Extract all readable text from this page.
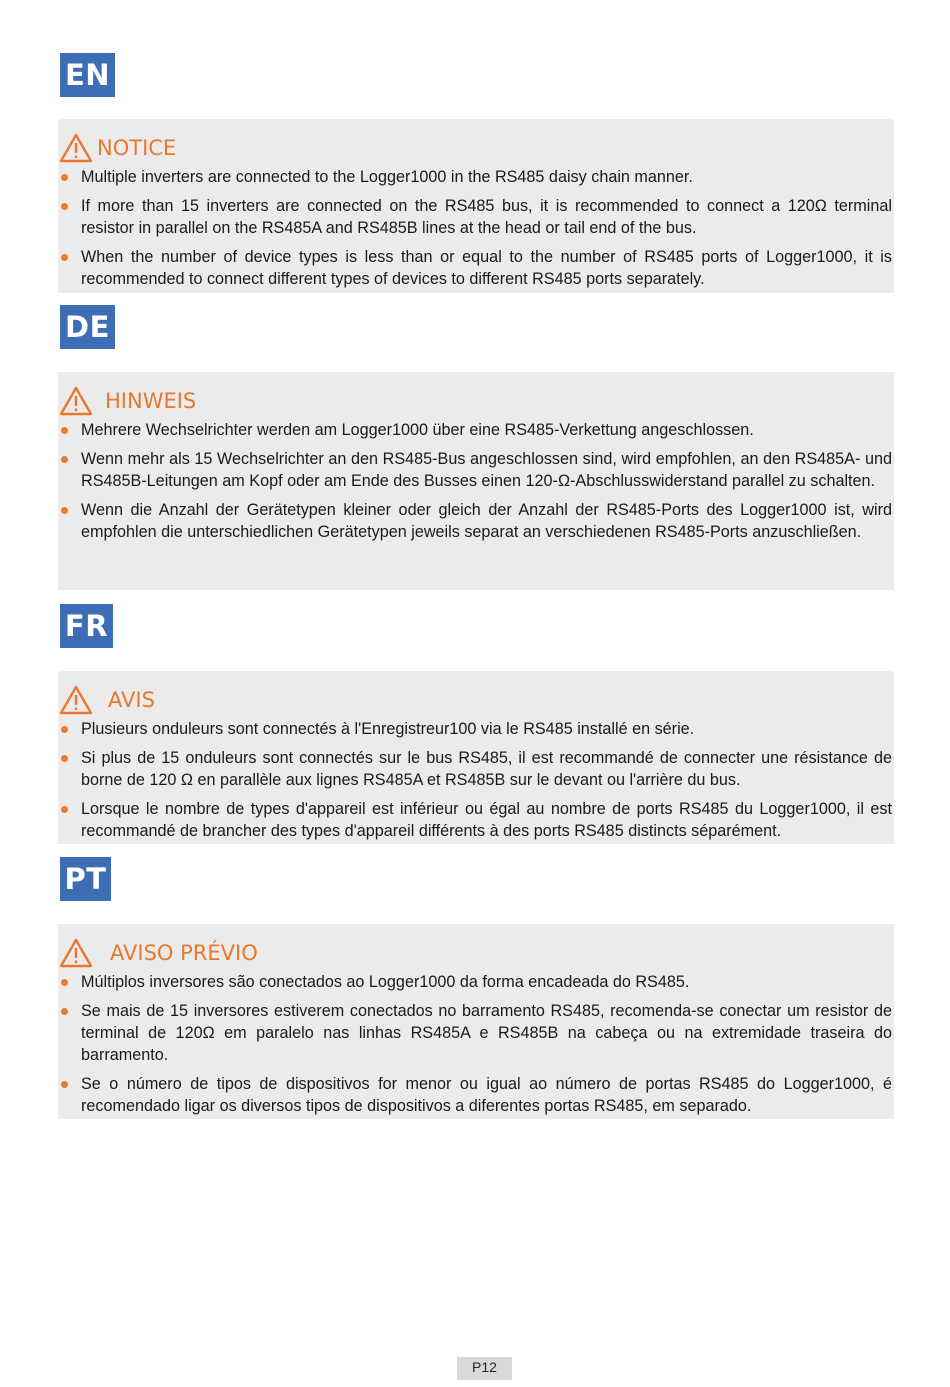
EN
NOTICE
Multiple inverters are connected to the Logger1000 in the RS485 daisy chain manner.
If more than 15 inverters are connected on the RS485 bus, it is recommended to connect a 120Ω terminal resistor in parallel on the RS485A and RS485B lines at the head or tail end of the bus.
When the number of device types is less than or equal to the number of RS485 ports of Logger1000, it is recommended to connect different types of devices to different RS485 ports separately.
DE
HINWEIS
Mehrere Wechselrichter werden am Logger1000 über eine RS485-Verkettung angeschlossen.
Wenn mehr als 15 Wechselrichter an den RS485-Bus angeschlossen sind, wird empfohlen, an den RS485A- und RS485B-Leitungen am Kopf oder am Ende des Busses einen 120-Ω-Abschlusswiderstand parallel zu schalten.
Wenn die Anzahl der Gerätetypen kleiner oder gleich der Anzahl der RS485-Ports des Logger1000 ist, wird empfohlen die unterschiedlichen Gerätetypen jeweils separat an verschiedenen RS485-Ports anzuschließen.
FR
AVIS
Plusieurs onduleurs sont connectés à l'Enregistreur100 via le RS485 installé en série.
Si plus de 15 onduleurs sont connectés sur le bus RS485, il est recommandé de connecter une résistance de borne de 120 Ω en parallèle aux lignes RS485A et RS485B sur le devant ou l'arrière du bus.
Lorsque le nombre de types d'appareil est inférieur ou égal au nombre de ports RS485 du Logger1000, il est recommandé de brancher des types d'appareil différents à des ports RS485 distincts séparément.
PT
AVISO PRÉVIO
Múltiplos inversores são conectados ao Logger1000 da forma encadeada do RS485.
Se mais de 15 inversores estiverem conectados no barramento RS485, recomenda-se conectar um resistor de terminal de 120Ω em paralelo nas linhas RS485A e RS485B na cabeça ou na extremidade traseira do barramento.
Se o número de tipos de dispositivos for menor ou igual ao número de portas RS485 do Logger1000, é recomendado ligar os diversos tipos de dispositivos a diferentes portas RS485, em separado.
P12
